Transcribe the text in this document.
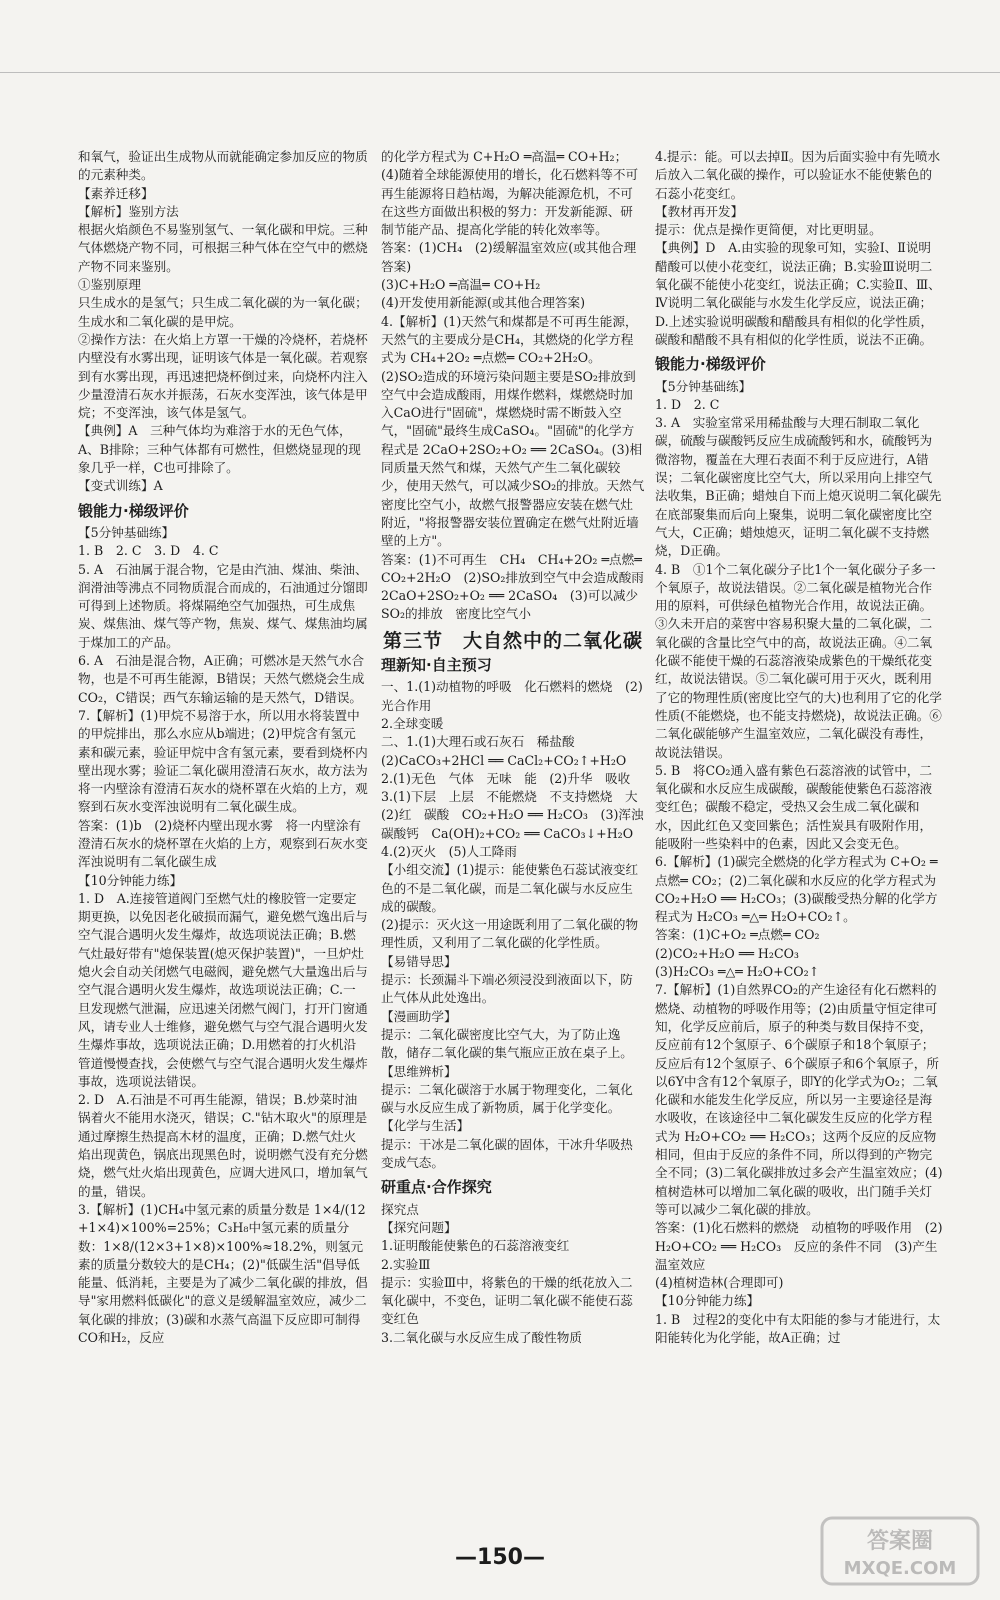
和氧气，验证出生成物从而就能确定参加反应的物质的元素种类。

【素养迁移】

【解析】鉴别方法

根据火焰颜色不易鉴别氢气、一氧化碳和甲烷。三种气体燃烧产物不同，可根据三种气体在空气中的燃烧产物不同来鉴别。

①鉴别原理

只生成水的是氢气；只生成二氧化碳的为一氧化碳；生成水和二氧化碳的是甲烷。

②操作方法：在火焰上方罩一干燥的冷烧杯，若烧杯内壁没有水雾出现，证明该气体是一氧化碳。若观察到有水雾出现，再迅速把烧杯倒过来，向烧杯内注入少量澄清石灰水并振荡，石灰水变浑浊，该气体是甲烷；不变浑浊，该气体是氢气。

【典例】A　三种气体均为难溶于水的无色气体，A、B排除；三种气体都有可燃性，但燃烧显现的现象几乎一样，C也可排除了。

【变式训练】A

锻能力·梯级评价

【5分钟基础练】

1. B　2. C　3. D　4. C

5. A　石油属于混合物，它是由汽油、煤油、柴油、润滑油等沸点不同物质混合而成的，石油通过分馏即可得到上述物质。将煤隔绝空气加强热，可生成焦炭、煤焦油、煤气等产物，焦炭、煤气、煤焦油均属于煤加工的产品。

6. A　石油是混合物，A正确；可燃冰是天然气水合物，也是不可再生能源，B错误；天然气燃烧会生成CO₂，C错误；西气东输运输的是天然气，D错误。

7.【解析】(1)甲烷不易溶于水，所以用水将装置中的甲烷排出，那么水应从b端进；(2)甲烷含有氢元素和碳元素，验证甲烷中含有氢元素，要看到烧杯内壁出现水雾；验证二氧化碳用澄清石灰水，故方法为将一内壁涂有澄清石灰水的烧杯罩在火焰的上方，观察到石灰水变浑浊说明有二氧化碳生成。

答案：(1)b　(2)烧杯内壁出现水雾　将一内壁涂有澄清石灰水的烧杯罩在火焰的上方，观察到石灰水变浑浊说明有二氧化碳生成

【10分钟能力练】

1. D　A.连接管道阀门至燃气灶的橡胶管一定要定期更换，以免因老化破损而漏气，避免燃气逸出后与空气混合遇明火发生爆炸，故选项说法正确；B.燃气灶最好带有"熄保装置(熄灭保护装置)"，一旦炉灶熄火会自动关闭燃气电磁阀，避免燃气大量逸出后与空气混合遇明火发生爆炸，故选项说法正确；C.一旦发现燃气泄漏，应迅速关闭燃气阀门，打开门窗通风，请专业人士维修，避免燃气与空气混合遇明火发生爆炸事故，选项说法正确；D.用燃着的打火机沿管道慢慢查找，会使燃气与空气混合遇明火发生爆炸事故，选项说法错误。

2. D　A.石油是不可再生能源，错误；B.炒菜时油锅着火不能用水浇灭，错误；C."钻木取火"的原理是通过摩擦生热提高木材的温度，正确；D.燃气灶火焰出现黄色，锅底出现黑色时，说明燃气没有充分燃烧，燃气灶火焰出现黄色，应调大进风口，增加氧气的量，错误。

3.【解析】(1)CH₄中氢元素的质量分数是 1×4/(12+1×4)×100%=25%；C₃H₈中氢元素的质量分数：1×8/(12×3+1×8)×100%≈18.2%，则氢元素的质量分数较大的是CH₄；(2)"低碳生活"倡导低能量、低消耗，主要是为了减少二氧化碳的排放，倡导"家用燃料低碳化"的意义是缓解温室效应，减少二氧化碳的排放；(3)碳和水蒸气高温下反应即可制得CO和H₂，反应

的化学方程式为 C+H₂O ═高温═ CO+H₂；

(4)随着全球能源使用的增长，化石燃料等不可再生能源将日趋枯竭，为解决能源危机，不可在这些方面做出积极的努力：开发新能源、研制节能产品、提高化学能的转化效率等。

答案：(1)CH₄　(2)缓解温室效应(或其他合理答案)

(3)C+H₂O ═高温═ CO+H₂

(4)开发使用新能源(或其他合理答案)

4.【解析】(1)天然气和煤都是不可再生能源，天然气的主要成分是CH₄，其燃烧的化学方程式为 CH₄+2O₂ ═点燃═ CO₂+2H₂O。

(2)SO₂造成的环境污染问题主要是SO₂排放到空气中会造成酸雨，用煤作燃料，煤燃烧时加入CaO进行"固硫"，煤燃烧时需不断鼓入空气，"固硫"最终生成CaSO₄。"固硫"的化学方程式是 2CaO+2SO₂+O₂ ══ 2CaSO₄。(3)相同质量天然气和煤，天然气产生二氧化碳较少，使用天然气，可以减少SO₂的排放。天然气密度比空气小，故燃气报警器应安装在燃气灶附近，"将报警器安装位置确定在燃气灶附近墙壁的上方"。

答案：(1)不可再生　CH₄　CH₄+2O₂ ═点燃═ CO₂+2H₂O　(2)SO₂排放到空气中会造成酸雨　2CaO+2SO₂+O₂ ══ 2CaSO₄　(3)可以减少SO₂的排放　密度比空气小

第三节　大自然中的二氧化碳

理新知·自主预习

一、1.(1)动植物的呼吸　化石燃料的燃烧　(2)光合作用

2.全球变暖

二、1.(1)大理石或石灰石　稀盐酸

(2)CaCO₃+2HCl ══ CaCl₂+CO₂↑+H₂O

2.(1)无色　气体　无味　能　(2)升华　吸收

3.(1)下层　上层　不能燃烧　不支持燃烧　大　(2)红　碳酸　CO₂+H₂O ══ H₂CO₃　(3)浑浊　碳酸钙　Ca(OH)₂+CO₂ ══ CaCO₃↓+H₂O

4.(2)灭火　(5)人工降雨

【小组交流】(1)提示：能使紫色石蕊试液变红色的不是二氧化碳，而是二氧化碳与水反应生成的碳酸。

(2)提示：灭火这一用途既利用了二氧化碳的物理性质，又利用了二氧化碳的化学性质。

【易错导思】

提示：长颈漏斗下端必须浸没到液面以下，防止气体从此处逸出。

【漫画助学】

提示：二氧化碳密度比空气大，为了防止逸散，储存二氧化碳的集气瓶应正放在桌子上。

【思维辨析】

提示：二氧化碳溶于水属于物理变化，二氧化碳与水反应生成了新物质，属于化学变化。

【化学与生活】

提示：干冰是二氧化碳的固体，干冰升华吸热变成气态。

研重点·合作探究

探究点

【探究问题】

1.证明酸能使紫色的石蕊溶液变红

2.实验Ⅲ

提示：实验Ⅲ中，将紫色的干燥的纸花放入二氧化碳中，不变色，证明二氧化碳不能使石蕊变红色

3.二氧化碳与水反应生成了酸性物质

4.提示：能。可以去掉Ⅱ。因为后面实验中有先喷水后放入二氧化碳的操作，可以验证水不能使紫色的石蕊小花变红。

【教材再开发】

提示：优点是操作更简便，对比更明显。

【典例】D　A.由实验的现象可知，实验Ⅰ、Ⅱ说明醋酸可以使小花变红，说法正确；B.实验Ⅲ说明二氧化碳不能使小花变红，说法正确；C.实验Ⅱ、Ⅲ、Ⅳ说明二氧化碳能与水发生化学反应，说法正确；D.上述实验说明碳酸和醋酸具有相似的化学性质，碳酸和醋酸不具有相似的化学性质，说法不正确。

锻能力·梯级评价

【5分钟基础练】

1. D　2. C

3. A　实验室常采用稀盐酸与大理石制取二氧化碳，硫酸与碳酸钙反应生成硫酸钙和水，硫酸钙为微溶物，覆盖在大理石表面不利于反应进行，A错误；二氧化碳密度比空气大，所以采用向上排空气法收集，B正确；蜡烛自下而上熄灭说明二氧化碳先在底部聚集而后向上聚集，说明二氧化碳密度比空气大，C正确；蜡烛熄灭，证明二氧化碳不支持燃烧，D正确。

4. B　①1个二氧化碳分子比1个一氧化碳分子多一个氧原子，故说法错误。②二氧化碳是植物光合作用的原料，可供绿色植物光合作用，故说法正确。③久未开启的菜窖中容易积聚大量的二氧化碳，二氧化碳的含量比空气中的高，故说法正确。④二氧化碳不能使干燥的石蕊溶液染成紫色的干燥纸花变红，故说法错误。⑤二氧化碳可用于灭火，既利用了它的物理性质(密度比空气的大)也利用了它的化学性质(不能燃烧，也不能支持燃烧)，故说法正确。⑥二氧化碳能够产生温室效应，二氧化碳没有毒性，故说法错误。

5. B　将CO₂通入盛有紫色石蕊溶液的试管中，二氧化碳和水反应生成碳酸，碳酸能使紫色石蕊溶液变红色；碳酸不稳定，受热又会生成二氧化碳和水，因此红色又变回紫色；活性炭具有吸附作用，能吸附一些染料中的色素，因此又会变无色。

6.【解析】(1)碳完全燃烧的化学方程式为 C+O₂ ═点燃═ CO₂；(2)二氧化碳和水反应的化学方程式为 CO₂+H₂O ══ H₂CO₃；(3)碳酸受热分解的化学方程式为 H₂CO₃ ═△═ H₂O+CO₂↑。

答案：(1)C+O₂ ═点燃═ CO₂

(2)CO₂+H₂O ══ H₂CO₃

(3)H₂CO₃ ═△═ H₂O+CO₂↑

7.【解析】(1)自然界CO₂的产生途径有化石燃料的燃烧、动植物的呼吸作用等；(2)由质量守恒定律可知，化学反应前后，原子的种类与数目保持不变，反应前有12个氢原子、6个碳原子和18个氧原子；反应后有12个氢原子、6个碳原子和6个氧原子，所以6Y中含有12个氧原子，即Y的化学式为O₂；二氧化碳和水能发生化学反应，所以另一主要途径是海水吸收，在该途径中二氧化碳发生反应的化学方程式为 H₂O+CO₂ ══ H₂CO₃；这两个反应的反应物相同，但由于反应的条件不同，所以得到的产物完全不同；(3)二氧化碳排放过多会产生温室效应；(4)植树造林可以增加二氧化碳的吸收，出门随手关灯等可以减少二氧化碳的排放。

答案：(1)化石燃料的燃烧　动植物的呼吸作用　(2)H₂O+CO₂ ══ H₂CO₃　反应的条件不同　(3)产生温室效应

(4)植树造林(合理即可)

【10分钟能力练】

1. B　过程2的变化中有太阳能的参与才能进行，太阳能转化为化学能，故A正确；过

—150—
答案圈
MXQE.COM
